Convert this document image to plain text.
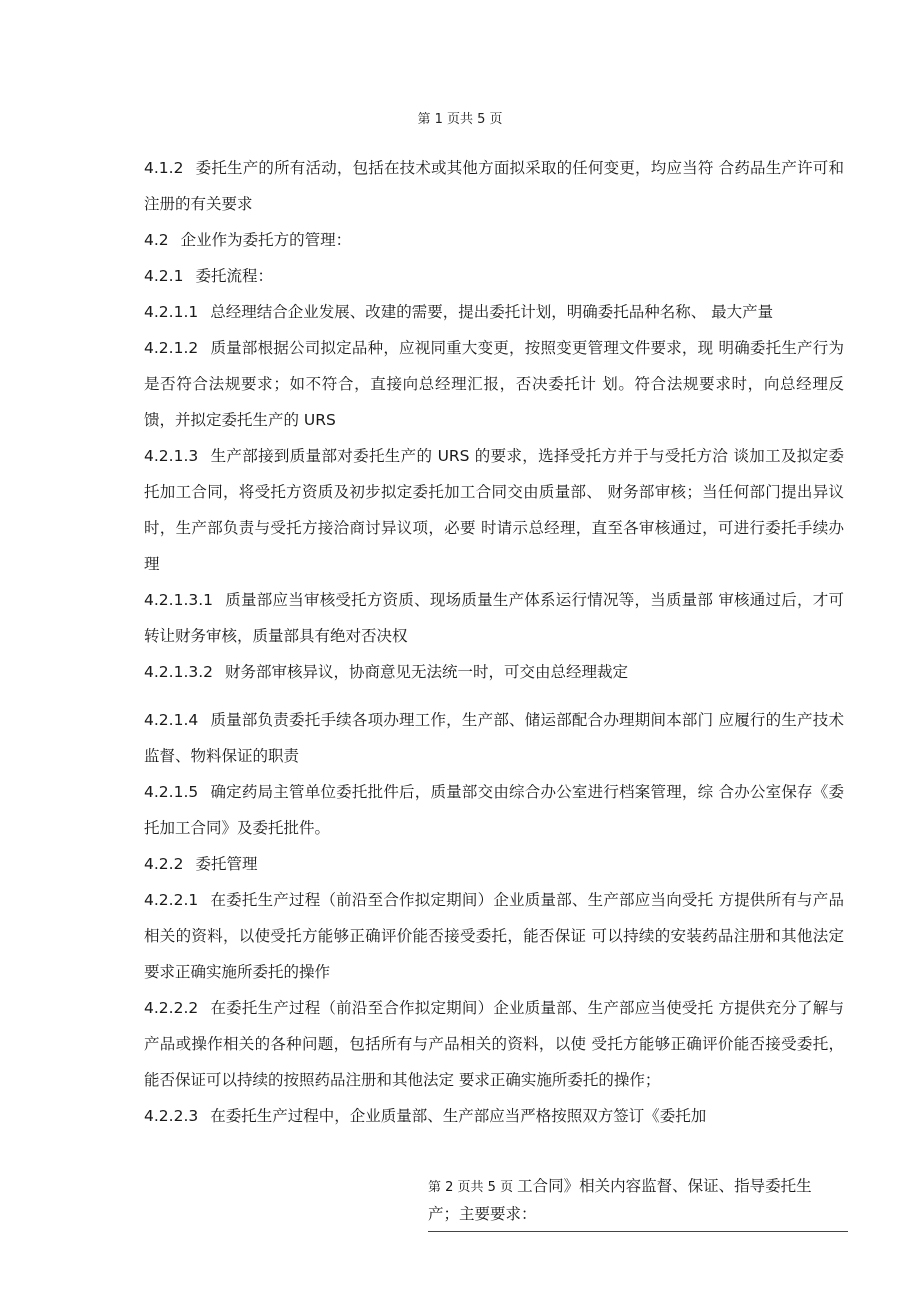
第 1 页共 5 页

4.1.2 委托生产的所有活动，包括在技术或其他方面拟采取的任何变更，均应当符 合药品生产许可和注册的有关要求

4.2 企业作为委托方的管理：

4.2.1 委托流程：

4.2.1.1 总经理结合企业发展、改建的需要，提出委托计划，明确委托品种名称、 最大产量

4.2.1.2 质量部根据公司拟定品种，应视同重大变更，按照变更管理文件要求，现 明确委托生产行为是否符合法规要求；如不符合，直接向总经理汇报，否决委托计 划。符合法规要求时，向总经理反馈，并拟定委托生产的 URS

4.2.1.3 生产部接到质量部对委托生产的 URS 的要求，选择受托方并于与受托方洽 谈加工及拟定委托加工合同，将受托方资质及初步拟定委托加工合同交由质量部、 财务部审核；当任何部门提出异议时，生产部负责与受托方接洽商讨异议项，必要 时请示总经理，直至各审核通过，可进行委托手续办理

4.2.1.3.1 质量部应当审核受托方资质、现场质量生产体系运行情况等，当质量部 审核通过后，才可转让财务审核，质量部具有绝对否决权

4.2.1.3.2 财务部审核异议，协商意见无法统一时，可交由总经理裁定

4.2.1.4 质量部负责委托手续各项办理工作，生产部、储运部配合办理期间本部门 应履行的生产技术监督、物料保证的职责

4.2.1.5 确定药局主管单位委托批件后，质量部交由综合办公室进行档案管理，综 合办公室保存《委托加工合同》及委托批件。

4.2.2 委托管理

4.2.2.1 在委托生产过程（前沿至合作拟定期间）企业质量部、生产部应当向受托 方提供所有与产品相关的资料，以使受托方能够正确评价能否接受委托，能否保证 可以持续的安装药品注册和其他法定要求正确实施所委托的操作

4.2.2.2 在委托生产过程（前沿至合作拟定期间）企业质量部、生产部应当使受托 方提供充分了解与产品或操作相关的各种问题，包括所有与产品相关的资料，以使 受托方能够正确评价能否接受委托，能否保证可以持续的按照药品注册和其他法定 要求正确实施所委托的操作；

4.2.2.3 在委托生产过程中，企业质量部、生产部应当严格按照双方签订《委托加

第 2 页共 5 页 工合同》相关内容监督、保证、指导委托生
产；主要要求：
